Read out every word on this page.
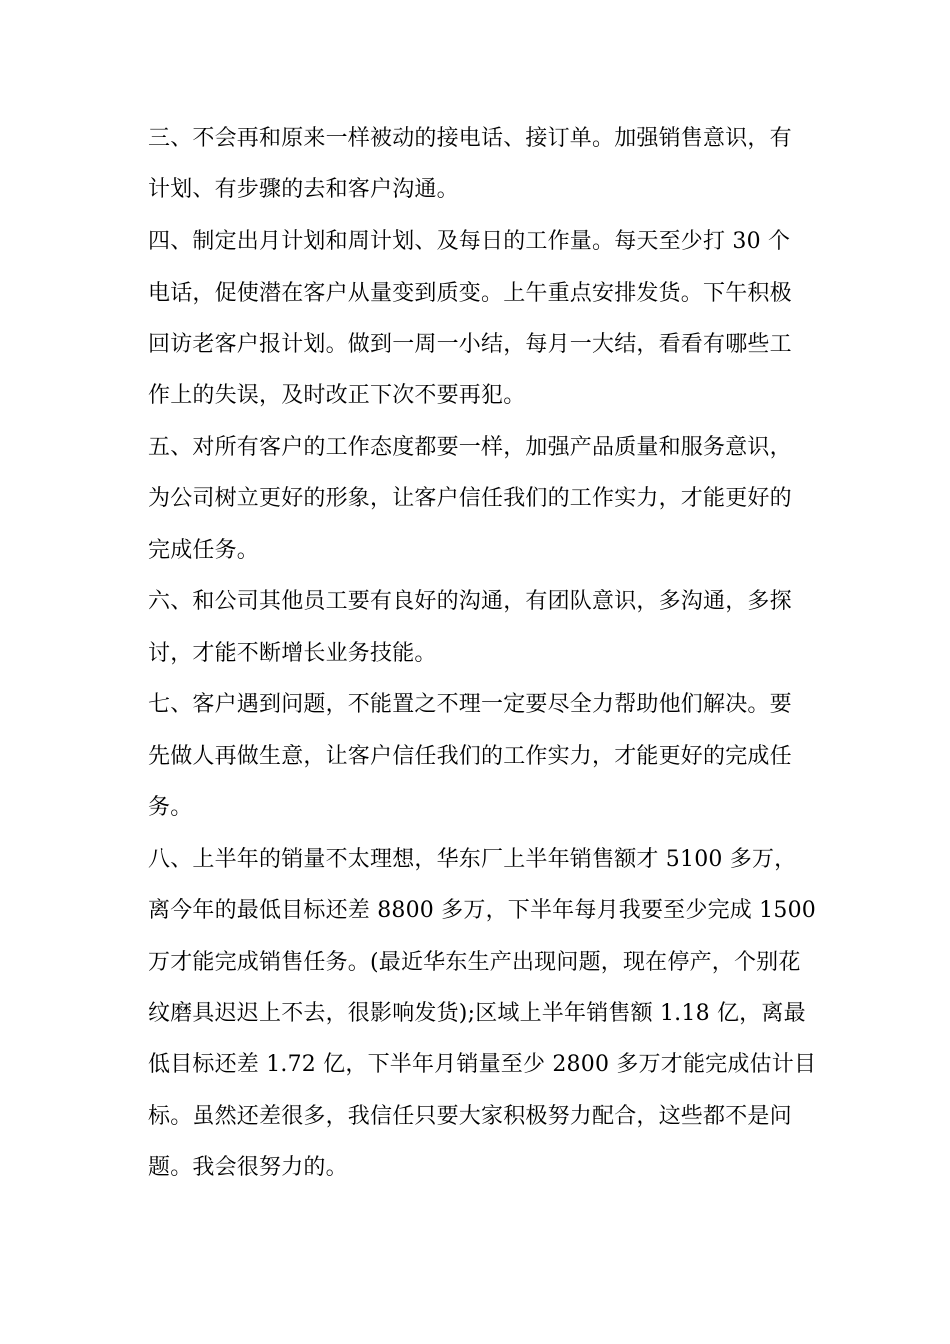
三、不会再和原来一样被动的接电话、接订单。加强销售意识，有
计划、有步骤的去和客户沟通。
四、制定出月计划和周计划、及每日的工作量。每天至少打 30 个
电话，促使潜在客户从量变到质变。上午重点安排发货。下午积极
回访老客户报计划。做到一周一小结，每月一大结，看看有哪些工
作上的失误，及时改正下次不要再犯。
五、对所有客户的工作态度都要一样，加强产品质量和服务意识，
为公司树立更好的形象，让客户信任我们的工作实力，才能更好的
完成任务。
六、和公司其他员工要有良好的沟通，有团队意识，多沟通，多探
讨，才能不断增长业务技能。
七、客户遇到问题，不能置之不理一定要尽全力帮助他们解决。要
先做人再做生意，让客户信任我们的工作实力，才能更好的完成任
务。
八、上半年的销量不太理想，华东厂上半年销售额才 5100 多万，
离今年的最低目标还差 8800 多万，下半年每月我要至少完成 1500
万才能完成销售任务。(最近华东生产出现问题，现在停产，个别花
纹磨具迟迟上不去，很影响发货);区域上半年销售额 1.18 亿，离最
低目标还差 1.72 亿，下半年月销量至少 2800 多万才能完成估计目
标。虽然还差很多，我信任只要大家积极努力配合，这些都不是问
题。我会很努力的。
